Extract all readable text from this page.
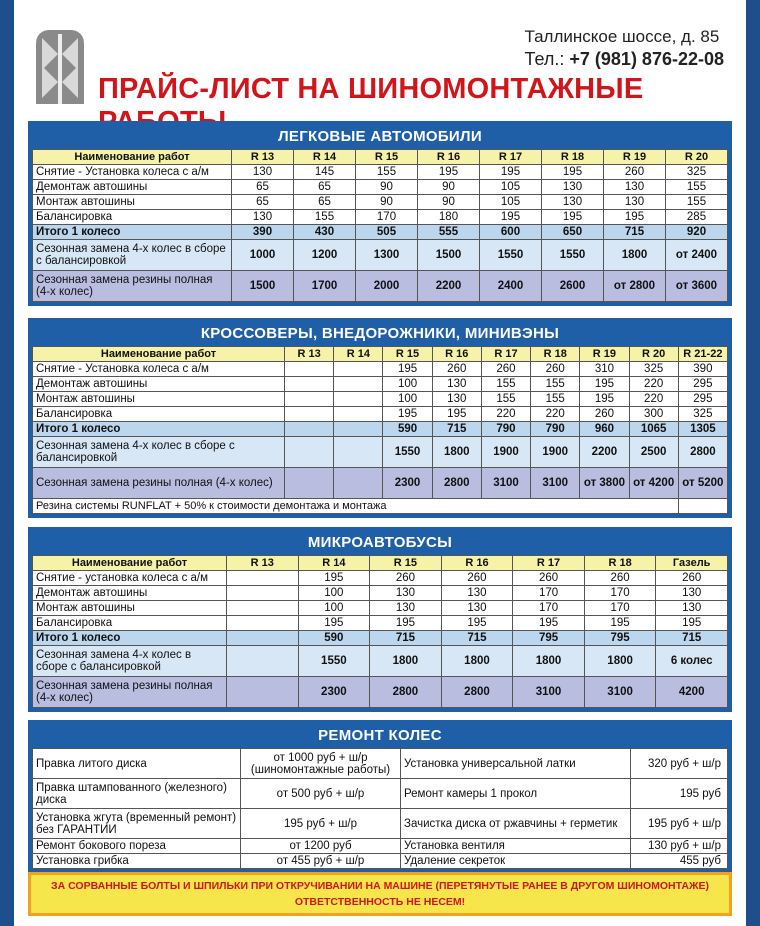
Таллинское шоссе, д. 85
Тел.: +7 (981) 876-22-08
ПРАЙС-ЛИСТ НА ШИНОМОНТАЖНЫЕ
ЛЕГКОВЫЕ АВТОМОБИЛИ
Наименование работ	R 13	R 14	R 15	R 16	R 17	R 18	R 19	R 20
Снятие - Установка колеса с а/м	130	145	155	195	195	195	260	325
Демонтаж автошины	65	65	90	90	105	130	130	155
Монтаж автошины	65	65	90	90	105	130	130	155
Балансировка	130	155	170	180	195	195	195	285
Итого 1 колесо	390	430	505	555	600	650	715	920
Сезонная замена 4-х колес в сборе с балансировкой	1000	1200	1300	1500	1550	1550	1800	от 2400
Сезонная замена резины полная (4-х колес)	1500	1700	2000	2200	2400	2600	от 2800	от 3600
КРОССОВЕРЫ, ВНЕДОРОЖНИКИ, МИНИВЭНЫ
Наименование работ	R 13	R 14	R 15	R 16	R 17	R 18	R 19	R 20	R 21-22
Снятие - Установка колеса с а/м			195	260	260	260	310	325	390
Демонтаж автошины			100	130	155	155	195	220	295
Монтаж автошины			100	130	155	155	195	220	295
Балансировка			195	195	220	220	260	300	325
Итого 1 колесо			590	715	790	790	960	1065	1305
Сезонная замена 4-х колес в сборе с балансировкой			1550	1800	1900	1900	2200	2500	2800
Сезонная замена резины полная (4-х колес)			2300	2800	3100	3100	от 3800	от 4200	от 5200
Резина системы RUNFLAT + 50% к стоимости демонтажа и монтажа									
МИКРОАВТОБУСЫ
Наименование работ	R 13	R 14	R 15	R 16	R 17	R 18	Газель
Снятие - установка колеса с а/м		195	260	260	260	260	260
Демонтаж автошины		100	130	130	170	170	130
Монтаж автошины		100	130	130	170	170	130
Балансировка		195	195	195	195	195	195
Итого 1 колесо		590	715	715	795	795	715
Сезонная замена 4-х колес в сборе с балансировкой		1550	1800	1800	1800	1800	6 колес
Сезонная замена резины полная (4-х колес)		2300	2800	2800	3100	3100	4200
РЕМОНТ КОЛЕС
Правка литого диска	от 1000 руб + ш/р (шиномонтажные работы)	Установка универсальной латки	320 руб + ш/р
Правка штампованного (железного) диска	от 500 руб + ш/р	Ремонт камеры 1 прокол	195 руб
Установка жгута (временный ремонт) без ГАРАНТИИ	195 руб + ш/р	Зачистка диска от ржавчины + герметик	195 руб + ш/р
Ремонт бокового пореза	от 1200 руб	Установка вентиля	130 руб + ш/р
Установка грибка	от 455 руб + ш/р	Удаление секреток	455 руб
ЗА СОРВАННЫЕ БОЛТЫ И ШПИЛЬКИ ПРИ ОТКРУЧИВАНИИ НА МАШИНЕ (ПЕРЕТЯНУТЫЕ РАНЕЕ В ДРУГОМ ШИНОМОНТАЖЕ)
ОТВЕТСТВЕННОСТЬ НЕ НЕСЕМ!
